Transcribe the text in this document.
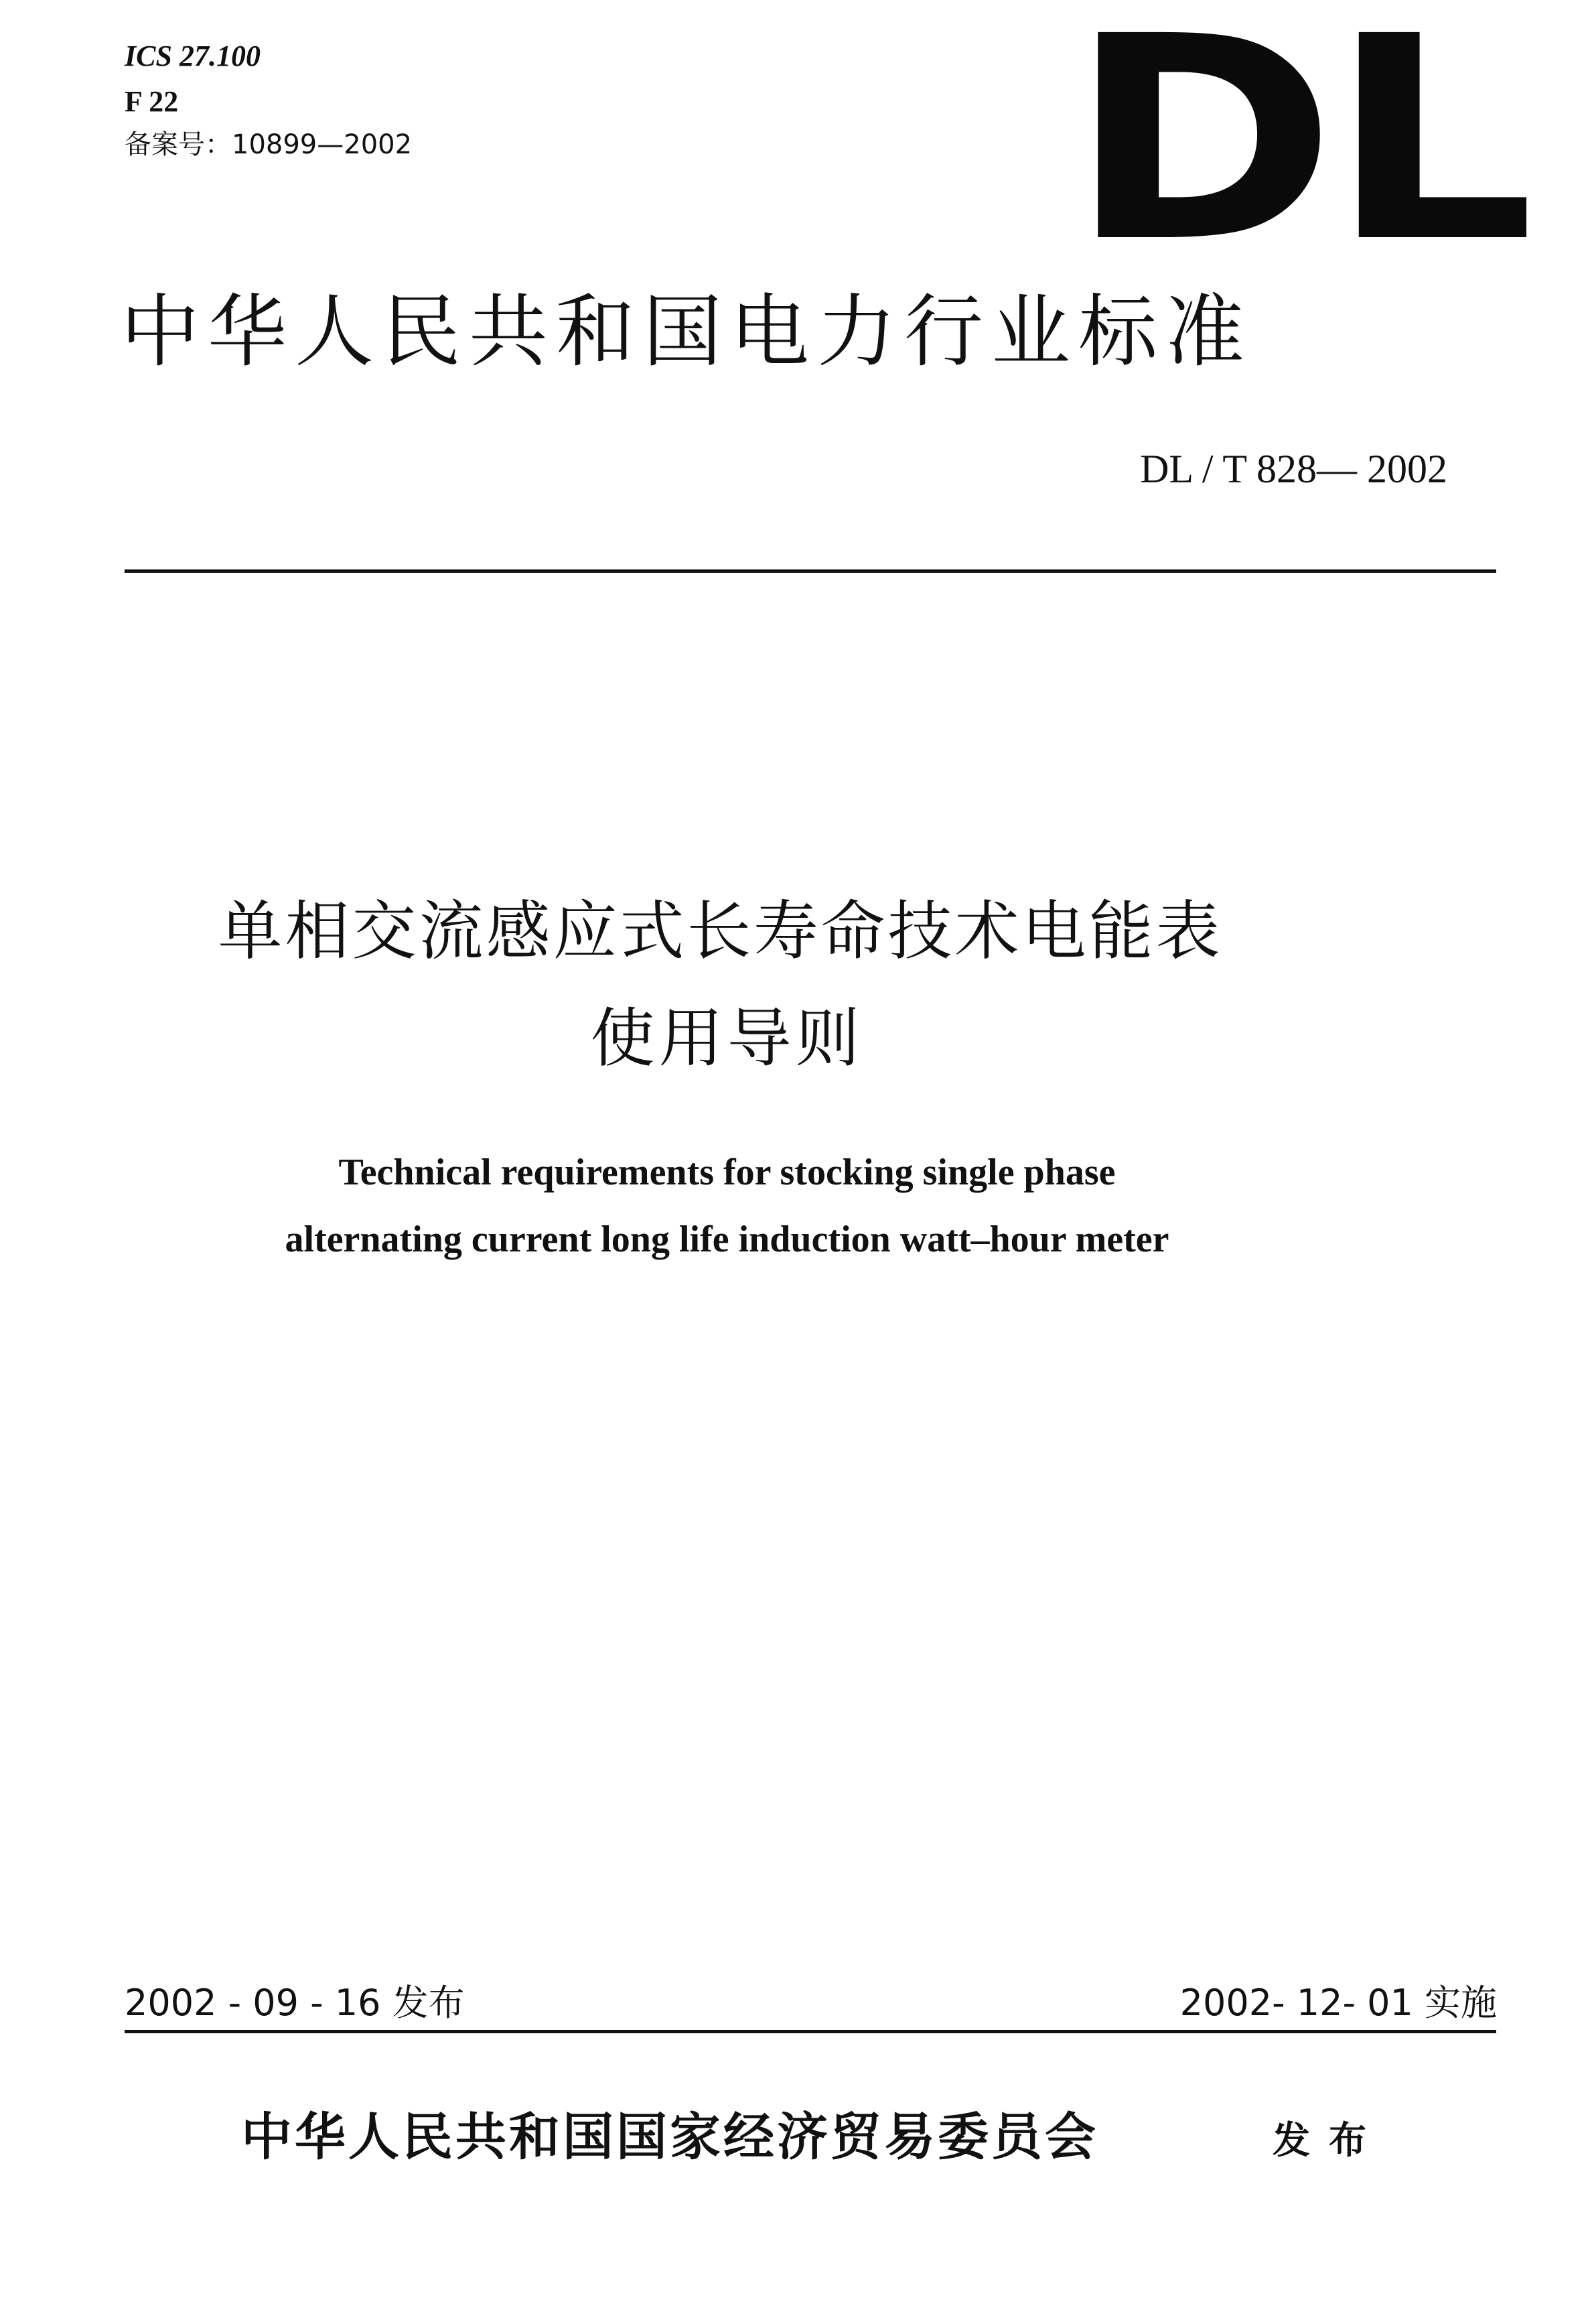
ICS 27.100
F 22
备案号：10899—2002 DL
中华人民共和国电力行业标准
DL / T 828— 2002
单相交流感应式长寿命技术电能表
使用导则
Technical requirements for stocking single phase
alternating current long life induction watt–hour meter
2002 - 09 - 16 发布	2002- 12- 01 实施
中华人民共和国国家经济贸易委员会	发布
